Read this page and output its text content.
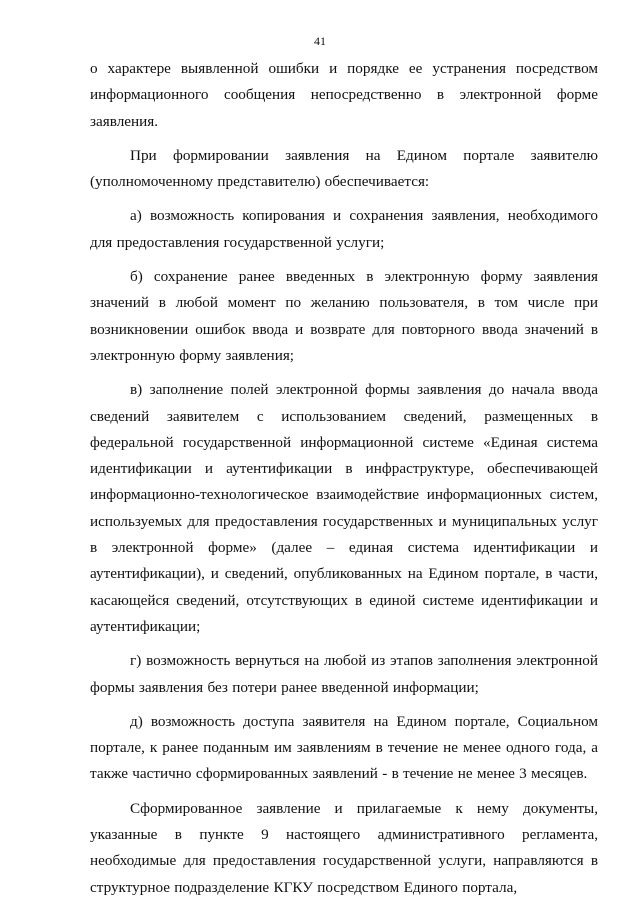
41

о характере выявленной ошибки и порядке ее устранения посредством информационного сообщения непосредственно в электронной форме заявления.

При формировании заявления на Едином портале заявителю (уполномоченному представителю) обеспечивается:

а) возможность копирования и сохранения заявления, необходимого для предоставления государственной услуги;

б) сохранение ранее введенных в электронную форму заявления значений в любой момент по желанию пользователя, в том числе при возникновении ошибок ввода и возврате для повторного ввода значений в электронную форму заявления;

в) заполнение полей электронной формы заявления до начала ввода сведений заявителем с использованием сведений, размещенных в федеральной государственной информационной системе «Единая система идентификации и аутентификации в инфраструктуре, обеспечивающей информационно-технологическое взаимодействие информационных систем, используемых для предоставления государственных и муниципальных услуг в электронной форме» (далее – единая система идентификации и аутентификации), и сведений, опубликованных на Едином портале, в части, касающейся сведений, отсутствующих в единой системе идентификации и аутентификации;

г) возможность вернуться на любой из этапов заполнения электронной формы заявления без потери ранее введенной информации;

д) возможность доступа заявителя на Едином портале, Социальном портале, к ранее поданным им заявлениям в течение не менее одного года, а также частично сформированных заявлений - в течение не менее 3 месяцев.

Сформированное заявление и прилагаемые к нему документы, указанные в пункте 9 настоящего административного регламента, необходимые для предоставления государственной услуги, направляются в структурное подразделение КГКУ посредством Единого портала,
